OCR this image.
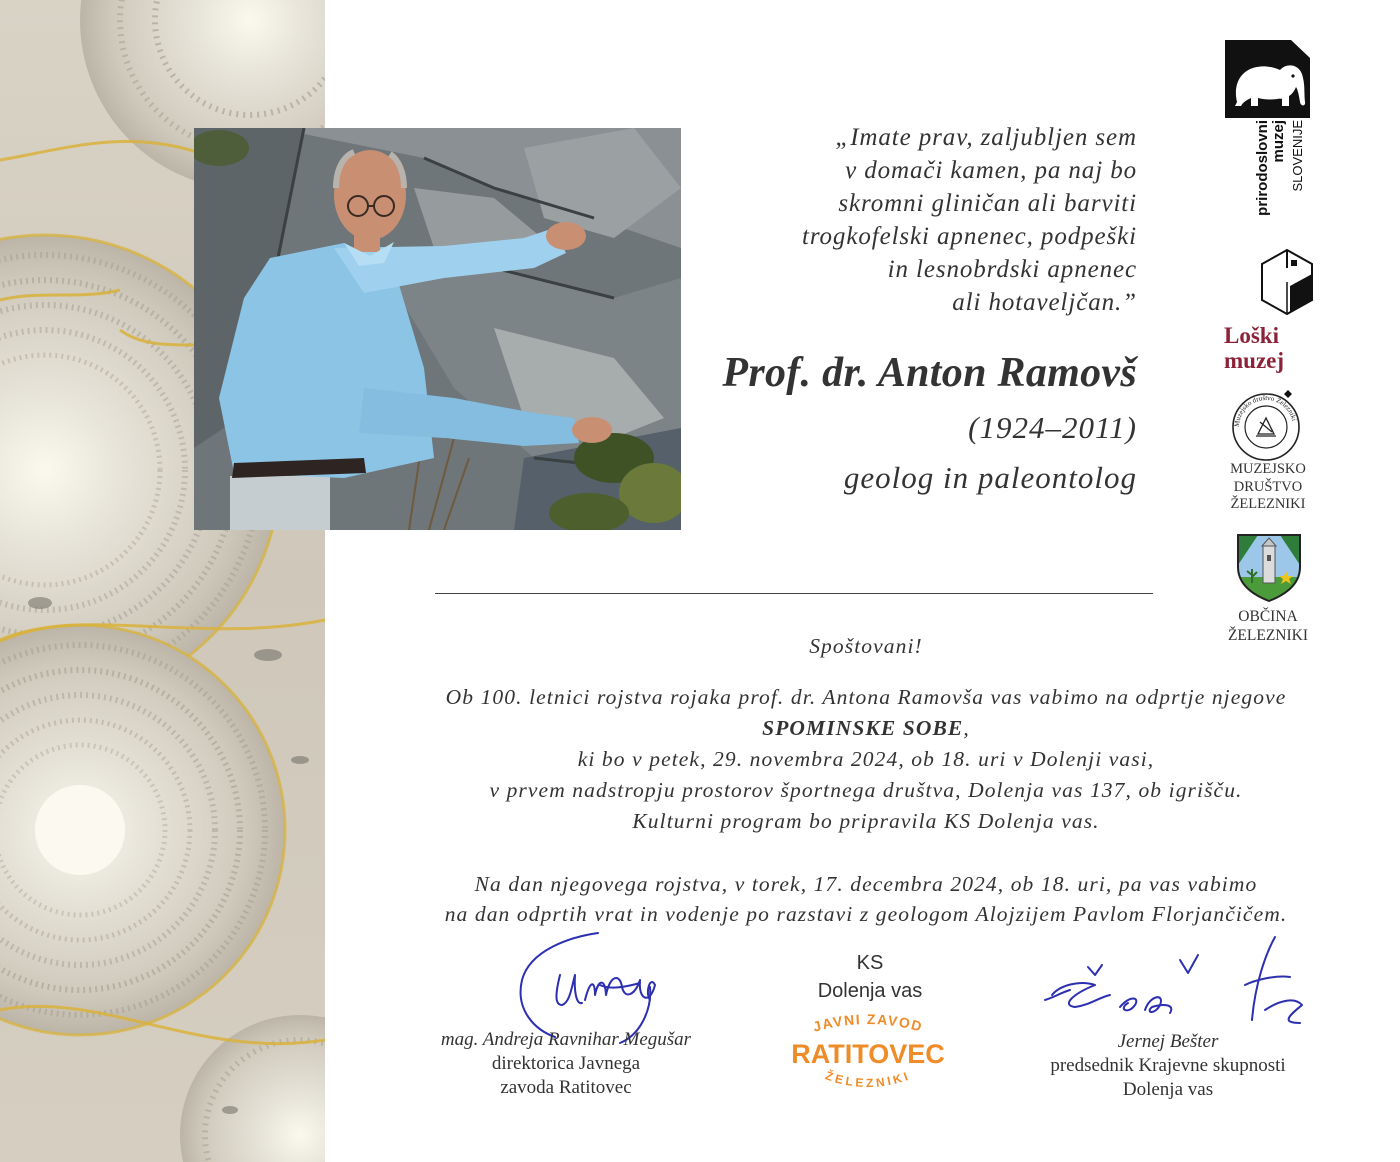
„Imate prav, zaljubljen sem
v domači kamen, pa naj bo
skromni gliničan ali barviti
trogkofelski apnenec, podpeški
in lesnobrdski apnenec
ali hotaveljčan.”
Prof. dr. Anton Ramovš
(1924–2011)
geolog in paleontolog
Spoštovani!
Ob 100. letnici rojstva rojaka prof. dr. Antona Ramovša vas vabimo na odprtje njegove
SPOMINSKE SOBE,
ki bo v petek, 29. novembra 2024, ob 18. uri v Dolenji vasi,
v prvem nadstropju prostorov športnega društva, Dolenja vas 137, ob igrišču.
Kulturni program bo pripravila KS Dolenja vas.
Na dan njegovega rojstva, v torek, 17. decembra 2024, ob 18. uri, pa vas vabimo
na dan odprtih vrat in vodenje po razstavi z geologom Alojzijem Pavlom Florjančičem.
mag. Andreja Ravnihar Megušar
direktorica Javnega
zavoda Ratitovec
Jernej Bešter
predsednik Krajevne skupnosti
Dolenja vas
KS
Dolenja vas
JAVNI ZAVOD
RATITOVEC
ŽELEZNIKI
prirodoslovni muzej SLOVENIJE
Loški
muzej
Muzejsko društvo Železniki
MUZEJSKO
DRUŠTVO
ŽELEZNIKI
OBČINA
ŽELEZNIKI
